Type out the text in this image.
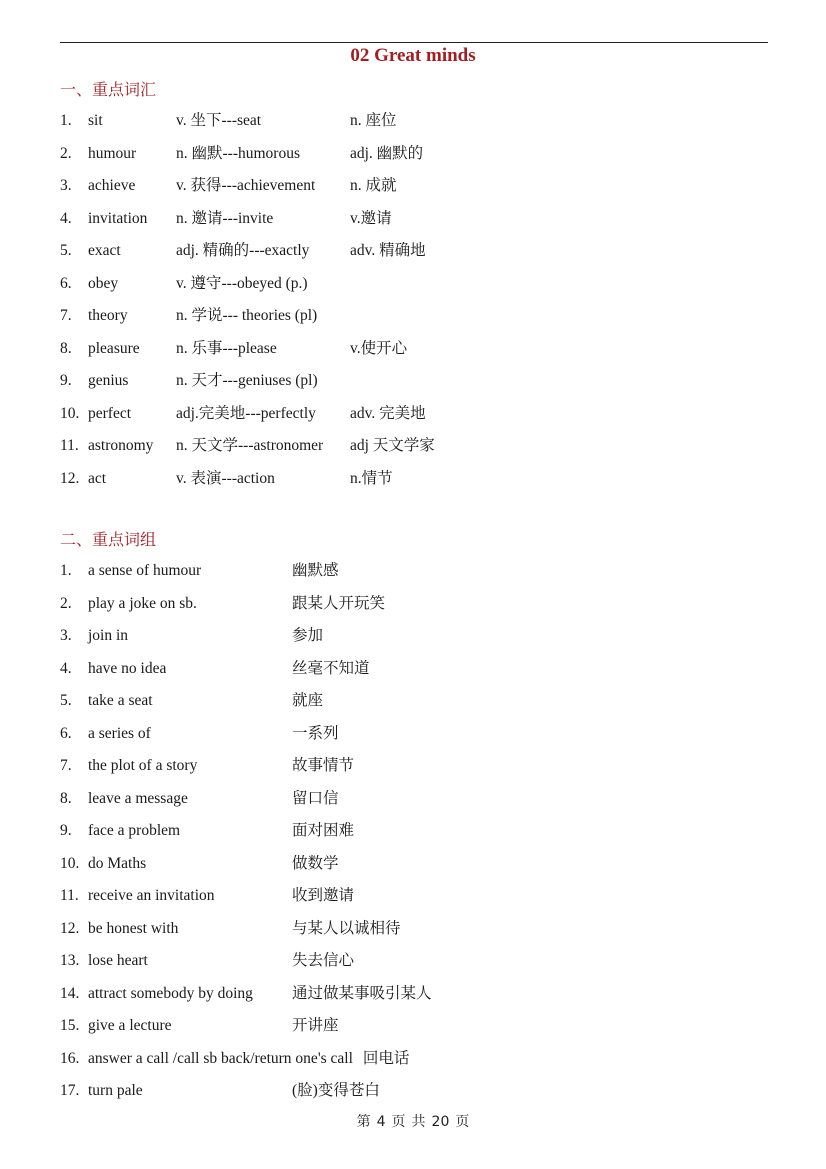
02 Great minds
一、重点词汇
1. sit	v. 坐下---seat	n. 座位
2. humour	n. 幽默---humorous	adj. 幽默的
3. achieve	v. 获得---achievement n. 成就
4. invitation n. 邀请---invite	v.邀请
5. exact	adj. 精确的---exactly	adv. 精确地
6. obey	v. 遵守---obeyed (p.)
7. theory	n. 学说--- theories (pl)
8. pleasure n. 乐事---please	v.使开心
9. genius	n. 天才---geniuses (pl)
10. perfect	adj.完美地---perfectly adv. 完美地
11. astronomy n. 天文学---astronomer adj 天文学家
12. act	v. 表演---action	n.情节
二、重点词组
1. a sense of humour	幽默感
2. play a joke on sb.	跟某人开玩笑
3. join in	参加
4. have no idea	丝毫不知道
5. take a seat	就座
6. a series of	一系列
7. the plot of a story	故事情节
8. leave a message	留口信
9. face a problem	面对困难
10. do Maths	做数学
11. receive an invitation	收到邀请
12. be honest with	与某人以诚相待
13. lose heart	失去信心
14. attract somebody by doing	通过做某事吸引某人
15. give a lecture	开讲座
16. answer a call /call sb back/return one's call 回电话
17. turn pale	(脸)变得苍白
第 4 页 共 20 页
